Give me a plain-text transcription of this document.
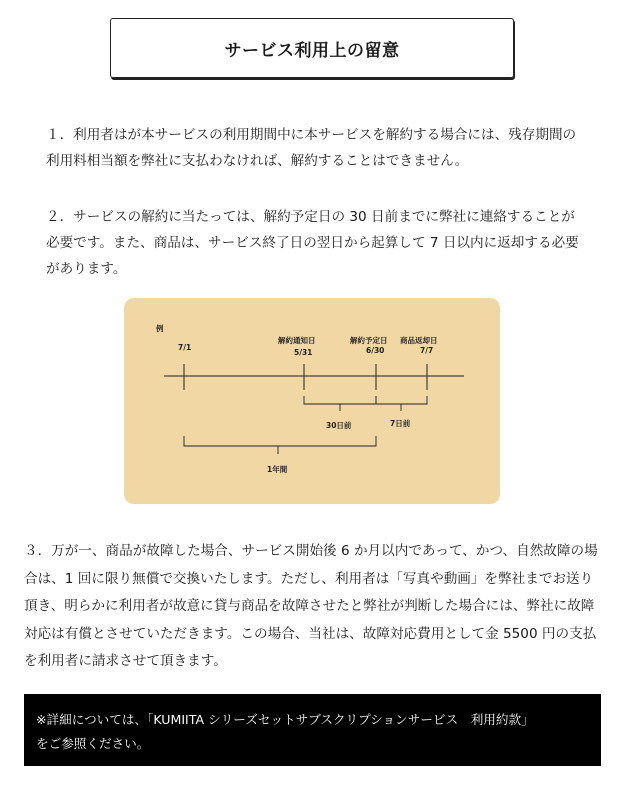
サービス利用上の留意

１．利用者はが本サービスの利用期間中に本サービスを解約する場合には、残存期間の利用料相当額を弊社に支払わなければ、解約することはできません。

２．サービスの解約に当たっては、解約予定日の 30 日前までに弊社に連絡することが必要です。また、商品は、サービス終了日の翌日から起算して 7 日以内に返却する必要があります。

例
7/1
解約通知日
5/31
解約予定日
6/30
商品返却日
7/7
30日前	7日前
1年間

３．万が一、商品が故障した場合、サービス開始後 6 か月以内であって、かつ、自然故障の場合は、1 回に限り無償で交換いたします。ただし、利用者は「写真や動画」を弊社までお送り頂き、明らかに利用者が故意に貸与商品を故障させたと弊社が判断した場合には、弊社に故障対応は有償とさせていただきます。この場合、当社は、故障対応費用として金 5500 円の支払を利用者に請求させて頂きます。

※詳細については、「KUMIITA シリーズセットサブスクリプションサービス　利用約款」
をご参照ください。
